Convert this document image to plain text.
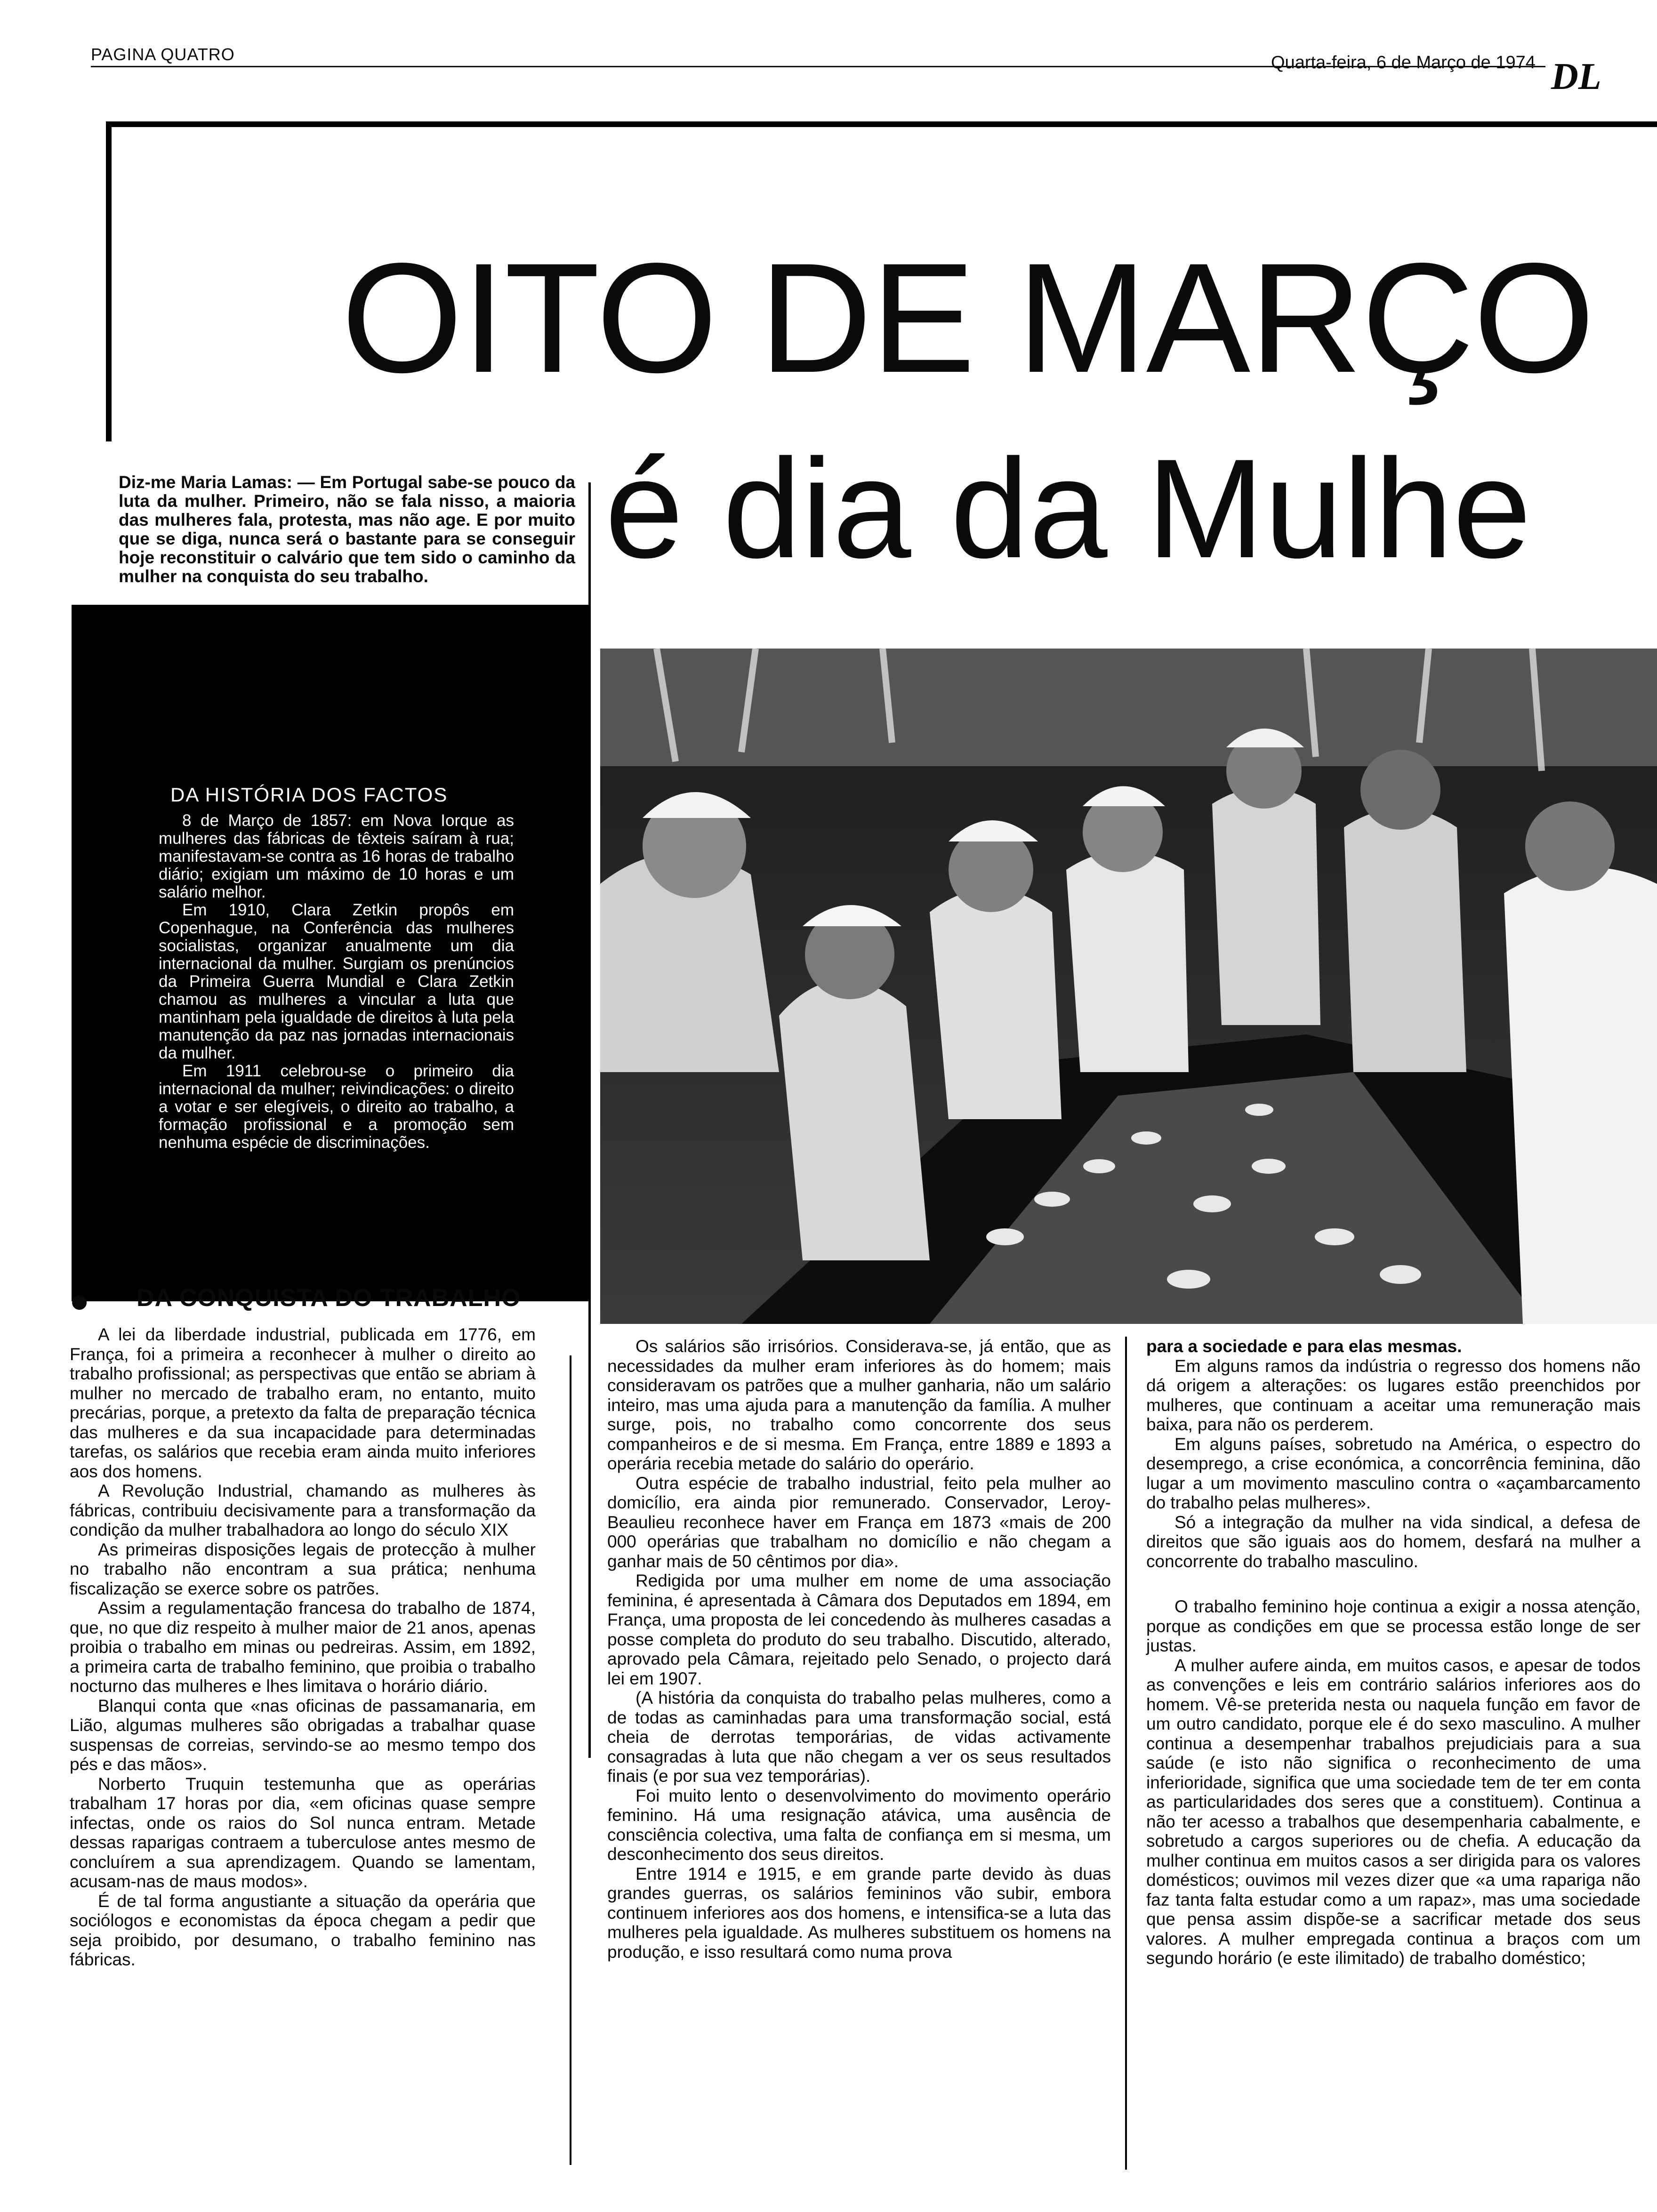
PAGINA QUATRO	Quarta-feira, 6 de Março de 1974 DL
OITO DE MARÇO
é dia da Mulhe
Diz-me Maria Lamas: — Em Portugal sabe-se pouco da luta da mulher. Primeiro, não se fala nisso, a maioria das mulheres fala, protesta, mas não age. E por muito que se diga, nunca será o bastante para se conseguir hoje reconstituir o calvário que tem sido o caminho da mulher na conquista do seu trabalho.
DA HISTÓRIA DOS FACTOS

8 de Março de 1857: em Nova Iorque as mulheres das fábricas de têxteis saíram à rua; manifestavam-se contra as 16 horas de trabalho diário; exigiam um máximo de 10 horas e um salário melhor.

Em 1910, Clara Zetkin propôs em Copenhague, na Conferência das mulheres socialistas, organizar anualmente um dia internacional da mulher. Surgiam os prenúncios da Primeira Guerra Mundial e Clara Zetkin chamou as mulheres a vincular a luta que mantinham pela igualdade de direitos à luta pela manutenção da paz nas jornadas internacionais da mulher.

Em 1911 celebrou-se o primeiro dia internacional da mulher; reivindicações: o direito a votar e ser elegíveis, o direito ao trabalho, a formação profissional e a promoção sem nenhuma espécie de discriminações.

● DA CONQUISTA DO TRABALHO

A lei da liberdade industrial, publicada em 1776, em França, foi a primeira a reconhecer à mulher o direito ao trabalho profissional; as perspectivas que então se abriam à mulher no mercado de trabalho eram, no entanto, muito precárias, porque, a pretexto da falta de preparação técnica das mulheres e da sua incapacidade para determinadas tarefas, os salários que recebia eram ainda muito inferiores aos dos homens.

A Revolução Industrial, chamando as mulheres às fábricas, contribuiu decisivamente para a transformação da condição da mulher trabalhadora ao longo do século XIX

As primeiras disposições legais de protecção à mulher no trabalho não encontram a sua prática; nenhuma fiscalização se exerce sobre os patrões.

Assim a regulamentação francesa do trabalho de 1874, que, no que diz respeito à mulher maior de 21 anos, apenas proibia o trabalho em minas ou pedreiras. Assim, em 1892, a primeira carta de trabalho feminino, que proibia o trabalho nocturno das mulheres e lhes limitava o horário diário.

Blanqui conta que «nas oficinas de passamanaria, em Lião, algumas mulheres são obrigadas a trabalhar quase suspensas de correias, servindo-se ao mesmo tempo dos pés e das mãos».

Norberto Truquin testemunha que as operárias trabalham 17 horas por dia, «em oficinas quase sempre infectas, onde os raios do Sol nunca entram. Metade dessas raparigas contraem a tuberculose antes mesmo de concluírem a sua aprendizagem. Quando se lamentam, acusam-nas de maus modos».

É de tal forma angustiante a situação da operária que sociólogos e economistas da época chegam a pedir que seja proibido, por desumano, o trabalho feminino nas fábricas.

Os salários são irrisórios. Considerava-se, já então, que as necessidades da mulher eram inferiores às do homem; mais consideravam os patrões que a mulher ganharia, não um salário inteiro, mas uma ajuda para a manutenção da família. A mulher surge, pois, no trabalho como concorrente dos seus companheiros e de si mesma. Em França, entre 1889 e 1893 a operária recebia metade do salário do operário.

Outra espécie de trabalho industrial, feito pela mulher ao domicílio, era ainda pior remunerado. Conservador, Leroy-Beaulieu reconhece haver em França em 1873 «mais de 200 000 operárias que trabalham no domicílio e não chegam a ganhar mais de 50 cêntimos por dia».

Redigida por uma mulher em nome de uma associação feminina, é apresentada à Câmara dos Deputados em 1894, em França, uma proposta de lei concedendo às mulheres casadas a posse completa do produto do seu trabalho. Discutido, alterado, aprovado pela Câmara, rejeitado pelo Senado, o projecto dará lei em 1907.

(A história da conquista do trabalho pelas mulheres, como a de todas as caminhadas para uma transformação social, está cheia de derrotas temporárias, de vidas activamente consagradas à luta que não chegam a ver os seus resultados finais (e por sua vez temporárias).

Foi muito lento o desenvolvimento do movimento operário feminino. Há uma resignação atávica, uma ausência de consciência colectiva, uma falta de confiança em si mesma, um desconhecimento dos seus direitos.

Entre 1914 e 1915, e em grande parte devido às duas grandes guerras, os salários femininos vão subir, embora continuem inferiores aos dos homens, e intensifica-se a luta das mulheres pela igualdade. As mulheres substituem os homens na produção, e isso resultará como numa prova

para a sociedade e para elas mesmas.

Em alguns ramos da indústria o regresso dos homens não dá origem a alterações: os lugares estão preenchidos por mulheres, que continuam a aceitar uma remuneração mais baixa, para não os perderem.

Em alguns países, sobretudo na América, o espectro do desemprego, a crise económica, a concorrência feminina, dão lugar a um movimento masculino contra o «açambarcamento do trabalho pelas mulheres».

Só a integração da mulher na vida sindical, a defesa de direitos que são iguais aos do homem, desfará na mulher a concorrente do trabalho masculino.

O trabalho feminino hoje continua a exigir a nossa atenção, porque as condições em que se processa estão longe de ser justas.

A mulher aufere ainda, em muitos casos, e apesar de todos as convenções e leis em contrário salários inferiores aos do homem. Vê-se preterida nesta ou naquela função em favor de um outro candidato, porque ele é do sexo masculino. A mulher continua a desempenhar trabalhos prejudiciais para a sua saúde (e isto não significa o reconhecimento de uma inferioridade, significa que uma sociedade tem de ter em conta as particularidades dos seres que a constituem). Continua a não ter acesso a trabalhos que desempenharia cabalmente, e sobretudo a cargos superiores ou de chefia. A educação da mulher continua em muitos casos a ser dirigida para os valores domésticos; ouvimos mil vezes dizer que «a uma rapariga não faz tanta falta estudar como a um rapaz», mas uma sociedade que pensa assim dispõe-se a sacrificar metade dos seus valores. A mulher empregada continua a braços com um segundo horário (e este ilimitado) de trabalho doméstico;
